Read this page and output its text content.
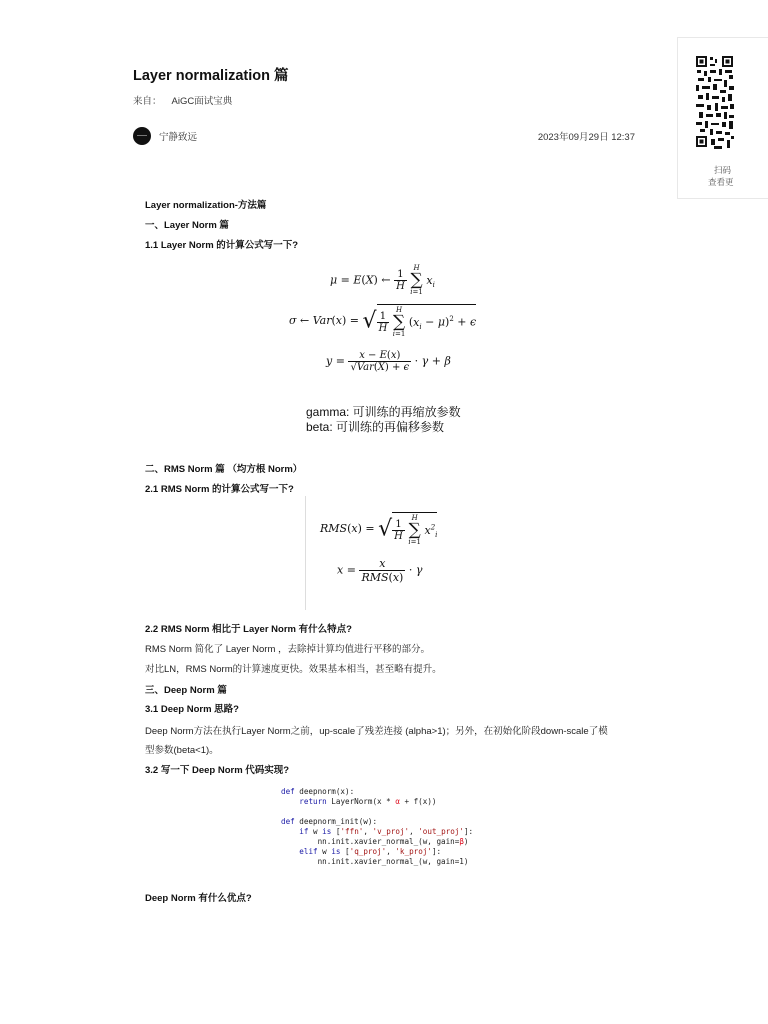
Layer normalization 篇
来自： AiGC面试宝典
宁静致远	2023年09月29日 12:37
扫码
查看更
Layer normalization-方法篇
一、Layer Norm 篇
1.1 Layer Norm 的计算公式写一下?
μ = E(X) ← $\frac{1}{H}$

H
∑
i=1
$x_i$
σ ← Var(x) = √ $\frac{1}{H}$

H
∑
i=1
$(x_i - \mu)^2 + \epsilon$
$y = \frac{x - E(x)}{\text{√Var(X) + ϵ}} \cdot \gamma + \beta$
gamma: 可训练的再缩放参数
beta: 可训练的再偏移参数
二、RMS Norm 篇 （均方根 Norm）
2.1 RMS Norm 的计算公式写一下?
RMS(x) = √ $\frac{1}{H}$

H
∑
i=1
$x^2_i$
$x = \frac{x}{\text{RMS(x)}} \cdot \gamma$
2.2 RMS Norm 相比于 Layer Norm 有什么特点?
RMS Norm 简化了 Layer Norm ，去除掉计算均值进行平移的部分。
对比LN，RMS Norm的计算速度更快。效果基本相当，甚至略有提升。
三、Deep Norm 篇
3.1 Deep Norm 思路?
Deep Norm方法在执行Layer Norm之前，up-scale了残差连接 (alpha>1)；另外，在初始化阶段down-scale了模
型参数(beta<1)。
3.2 写一下 Deep Norm 代码实现?
def deepnorm(x):
return LayerNorm(x * α + f(x))

def deepnorm_init(w):
if w is ['ffn', 'v_proj', 'out_proj']:
nn.init.xavier_normal_(w, gain=β)
elif w is ['q_proj', 'k_proj']:
nn.init.xavier_normal_(w, gain=1)
Deep Norm 有什么优点?
